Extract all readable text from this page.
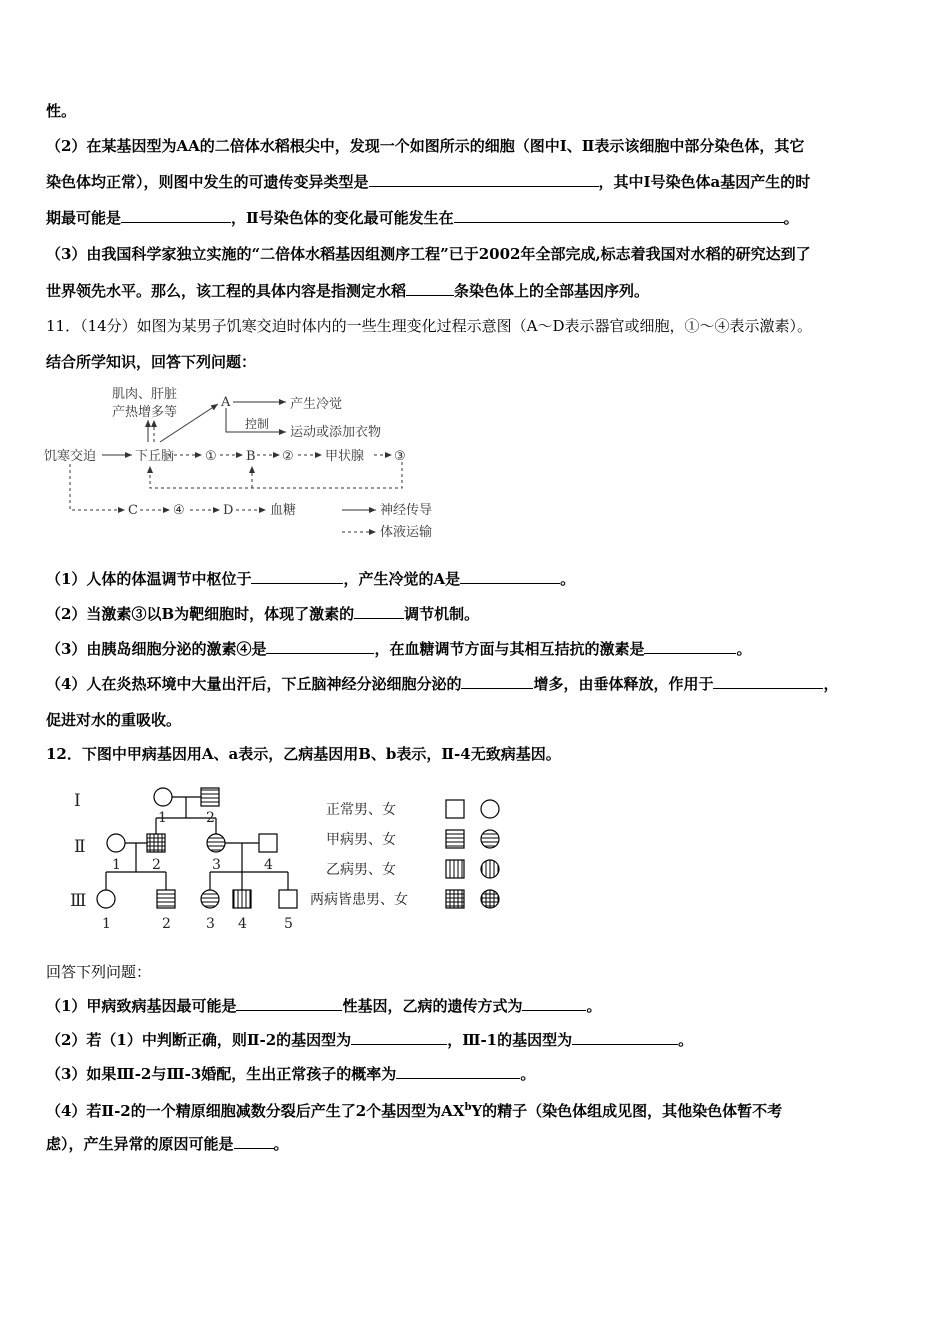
性。
（2）在某基因型为AA的二倍体水稻根尖中，发现一个如图所示的细胞（图中Ⅰ、Ⅱ表示该细胞中部分染色体，其它
染色体均正常），则图中发生的可遗传变异类型是	，其中Ⅰ号染色体a基因产生的时
期最可能是	，Ⅱ号染色体的变化最可能发生在	。
（3）由我国科学家独立实施的“二倍体水稻基因组测序工程”已于2002年全部完成,标志着我国对水稻的研究达到了
世界领先水平。那么，该工程的具体内容是指测定水稻	条染色体上的全部基因序列。
11．（14分）如图为某男子饥寒交迫时体内的一些生理变化过程示意图（A～D表示器官或细胞，①～④表示激素）。
结合所学知识，回答下列问题：
肌肉、肝脏
产热增多等
A	产生冷觉
控制
运动或添加衣物
饥寒交迫	下丘脑 ① B ② 甲状腺 ③
C	④	D	血糖	神经传导
体液运输
（1）人体的体温调节中枢位于	，产生冷觉的A是	。
（2）当激素③以B为靶细胞时，体现了激素的	调节机制。
（3）由胰岛细胞分泌的激素④是	，在血糖调节方面与其相互拮抗的激素是	。
（4）人在炎热环境中大量出汗后，下丘脑神经分泌细胞分泌的	增多，由垂体释放，作用于	，
促进对水的重吸收。
12．下图中甲病基因用A、a表示，乙病基因用B、b表示，Ⅱ-4无致病基因。
Ⅰ
Ⅱ
Ⅲ
1	2
1 2	3	4
1	2	3 4	5
正常男、女
甲病男、女
乙病男、女
两病皆患男、女
回答下列问题：
（1）甲病致病基因最可能是	性基因，乙病的遗传方式为	。
（2）若（1）中判断正确，则Ⅱ-2的基因型为	，Ⅲ-1的基因型为	。
（3）如果Ⅲ-2与Ⅲ-3婚配，生出正常孩子的概率为	。
（4）若Ⅱ-2的一个精原细胞减数分裂后产生了2个基因型为$AX^bY$的精子（染色体组成见图，其他染色体暂不考
虑），产生异常的原因可能是	。
